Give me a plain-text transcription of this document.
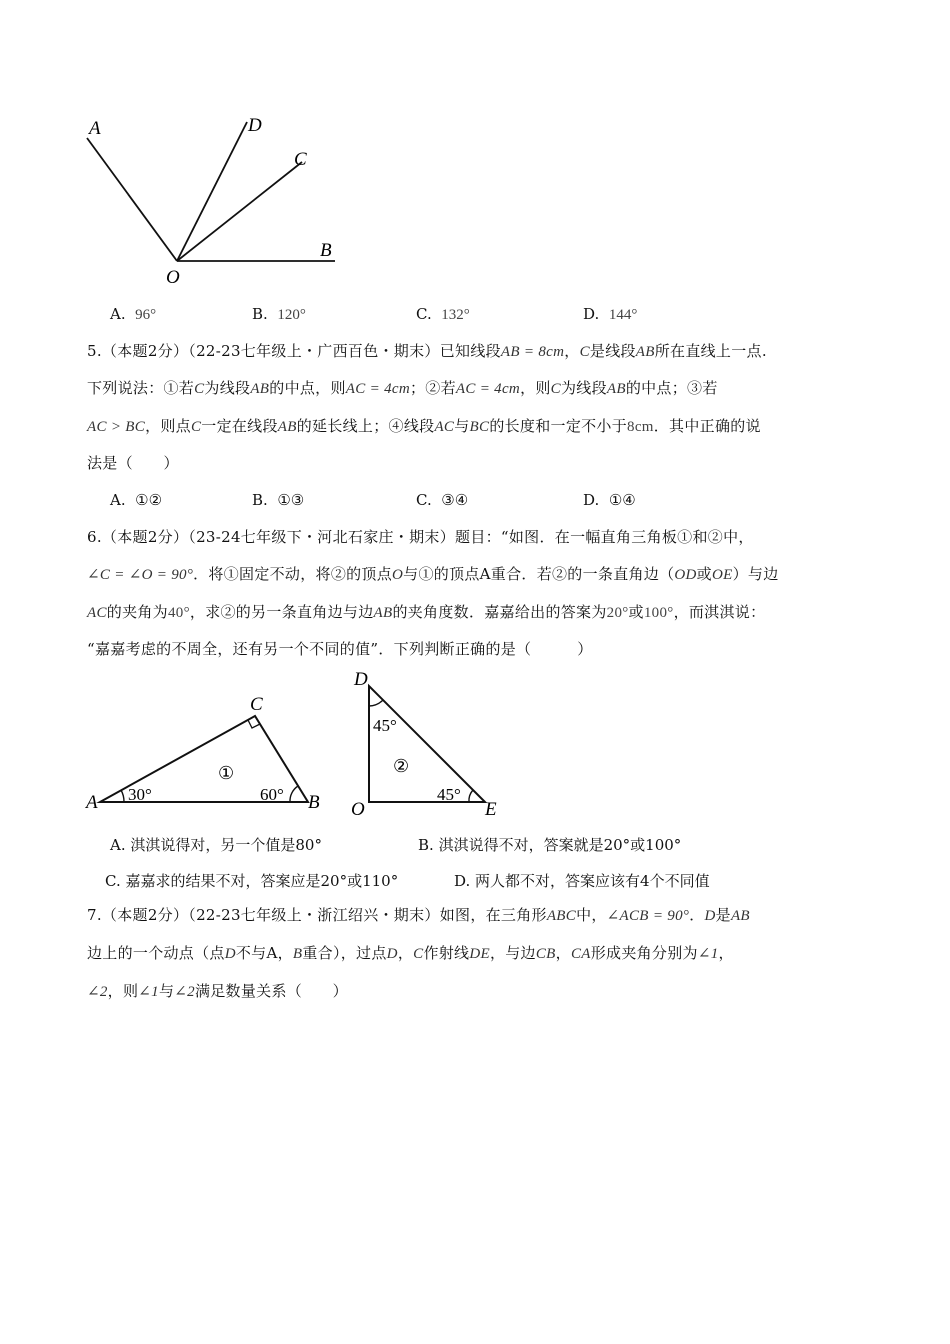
A	D
C
B
O
A. 96°	B. 120°	C. 132°	D. 144°
5.（本题2分）（22-23七年级上・广西百色・期末）已知线段AB = 8cm，C是线段AB所在直线上一点.
下列说法：①若C为线段AB的中点，则AC = 4cm；②若AC = 4cm，则C为线段AB的中点；③若
AC > BC，则点C一定在线段AB的延长线上；④线段AC与BC的长度和一定不小于8cm．其中正确的说
法是（　　）
A. ①②	B. ①③	C. ③④	D. ①④
6.（本题2分）（23-24七年级下・河北石家庄・期末）题目：“如图．在一幅直角三角板①和②中，
∠C = ∠O = 90°．将①固定不动，将②的顶点O与①的顶点A重合．若②的一条直角边（OD或OE）与边
AC的夹角为40°，求②的另一条直角边与边AB的夹角度数．嘉嘉给出的答案为20°或100°，而淇淇说：
“嘉嘉考虑的不周全，还有另一个不同的值”．下列判断正确的是（　　　）
A	B
C
30°	60°
①
D
O	E
45°
45°
②
A. 淇淇说得对，另一个值是80°	B. 淇淇说得不对，答案就是20°或100°
C. 嘉嘉求的结果不对，答案应是20°或110°	D. 两人都不对，答案应该有4个不同值
7.（本题2分）（22-23七年级上・浙江绍兴・期末）如图，在三角形ABC中，∠ACB = 90°．D是AB
边上的一个动点（点D不与A，B重合），过点D，C作射线DE，与边CB，CA形成夹角分别为∠1，
∠2，则∠1与∠2满足数量关系（　　）
